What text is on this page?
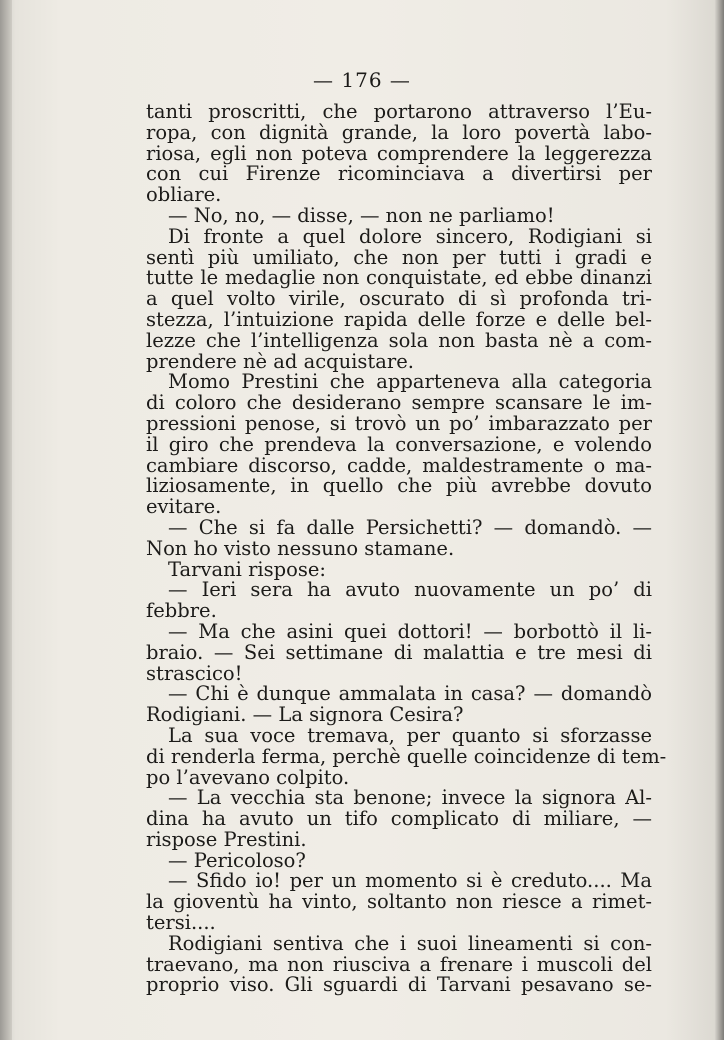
— 176 —
tanti proscritti, che portarono attraverso l’Eu-
ropa, con dignità grande, la loro povertà labo-
riosa, egli non poteva comprendere la leggerezza
con cui Firenze ricominciava a divertirsi per
obliare.
— No, no, — disse, — non ne parliamo!
Di fronte a quel dolore sincero, Rodigiani si
sentì più umiliato, che non per tutti i gradi e
tutte le medaglie non conquistate, ed ebbe dinanzi
a quel volto virile, oscurato di sì profonda tri-
stezza, l’intuizione rapida delle forze e delle bel-
lezze che l’intelligenza sola non basta nè a com-
prendere nè ad acquistare.
Momo Prestini che apparteneva alla categoria
di coloro che desiderano sempre scansare le im-
pressioni penose, si trovò un po’ imbarazzato per
il giro che prendeva la conversazione, e volendo
cambiare discorso, cadde, maldestramente o ma-
liziosamente, in quello che più avrebbe dovuto
evitare.
— Che si fa dalle Persichetti? — domandò. —
Non ho visto nessuno stamane.
Tarvani rispose:
— Ieri sera ha avuto nuovamente un po’ di
febbre.
— Ma che asini quei dottori! — borbottò il li-
braio. — Sei settimane di malattia e tre mesi di
strascico!
— Chi è dunque ammalata in casa? — domandò
Rodigiani. — La signora Cesira?
La sua voce tremava, per quanto si sforzasse
di renderla ferma, perchè quelle coincidenze di tem-
po l’avevano colpito.
— La vecchia sta benone; invece la signora Al-
dina ha avuto un tifo complicato di miliare, —
rispose Prestini.
— Pericoloso?
— Sfido io! per un momento si è creduto.... Ma
la gioventù ha vinto, soltanto non riesce a rimet-
tersi....
Rodigiani sentiva che i suoi lineamenti si con-
traevano, ma non riusciva a frenare i muscoli del
proprio viso. Gli sguardi di Tarvani pesavano se-
